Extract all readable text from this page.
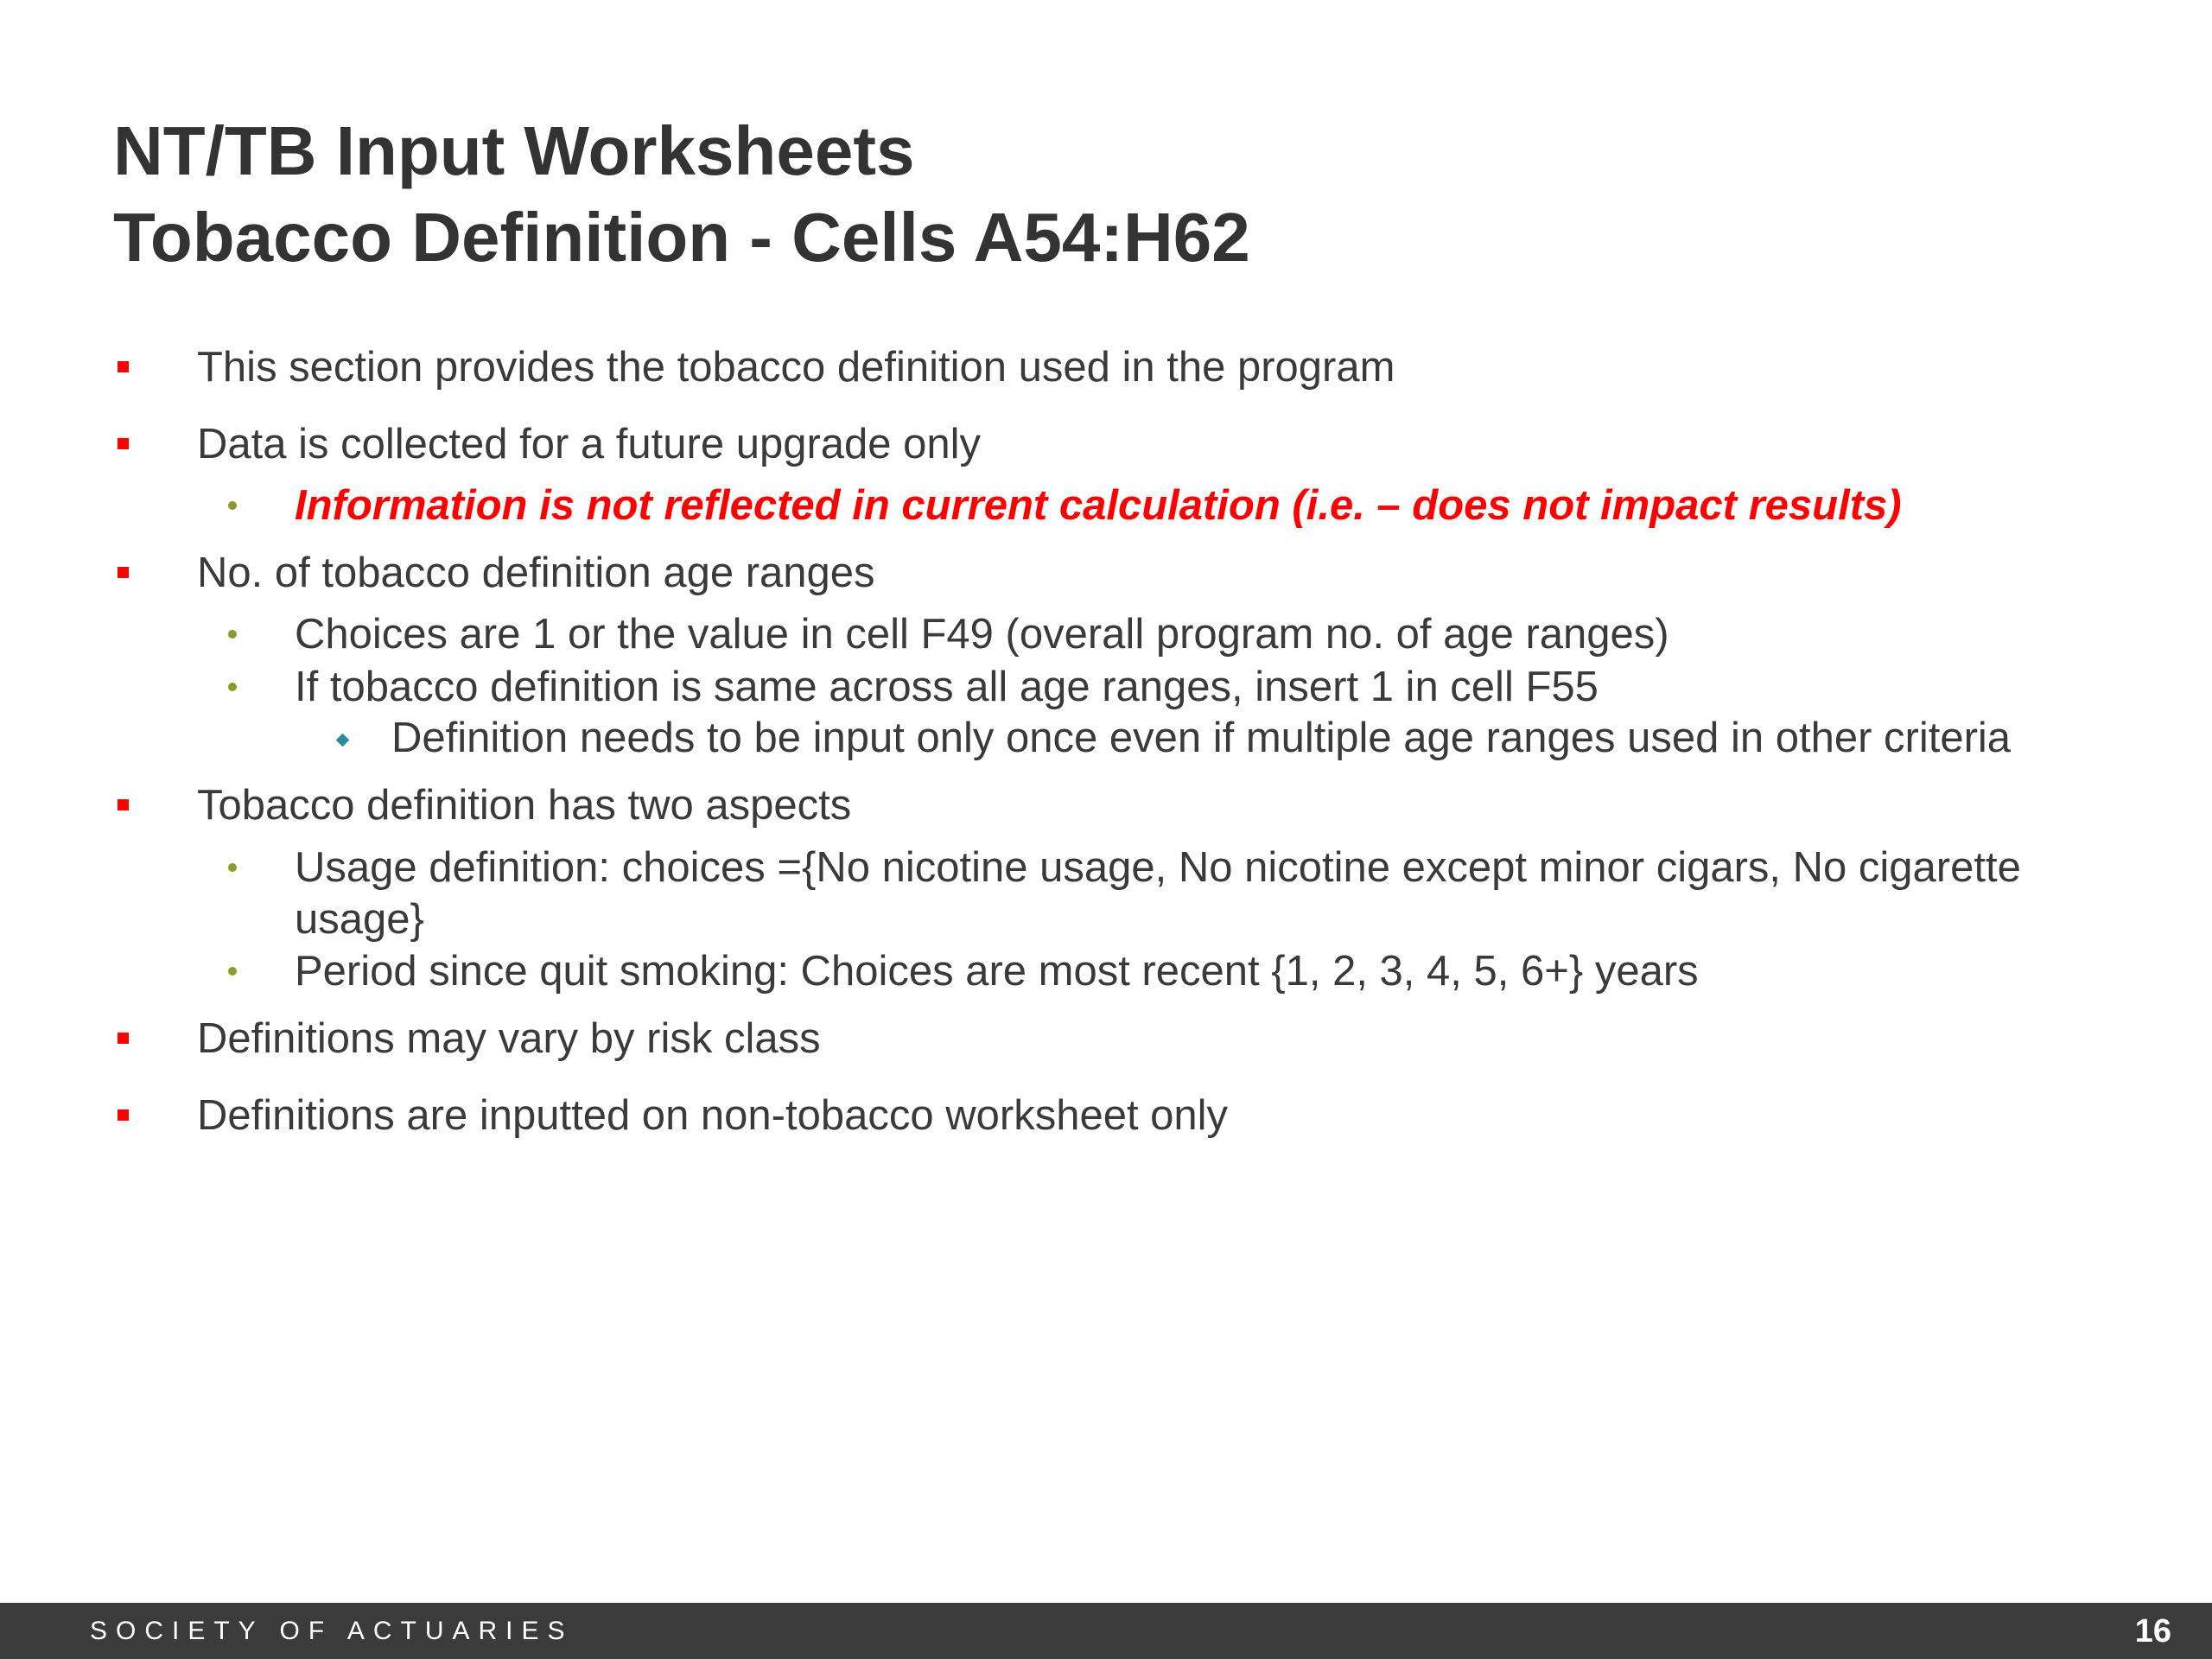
NT/TB Input Worksheets
Tobacco Definition - Cells A54:H62
This section provides the tobacco definition used in the program
Data is collected for a future upgrade only
Information is not reflected in current calculation (i.e. – does not impact results)
No. of tobacco definition age ranges
Choices are 1 or the value in cell F49 (overall program no. of age ranges)
If tobacco definition is same across all age ranges, insert 1 in cell F55
Definition needs to be input only once even if multiple age ranges used in other criteria
Tobacco definition has two aspects
Usage definition: choices ={No nicotine usage, No nicotine except minor cigars, No cigarette
usage}
Period since quit smoking: Choices are most recent {1, 2, 3, 4, 5, 6+} years
Definitions may vary by risk class
Definitions are inputted on non-tobacco worksheet only
SOCIETY OF ACTUARIES	16
